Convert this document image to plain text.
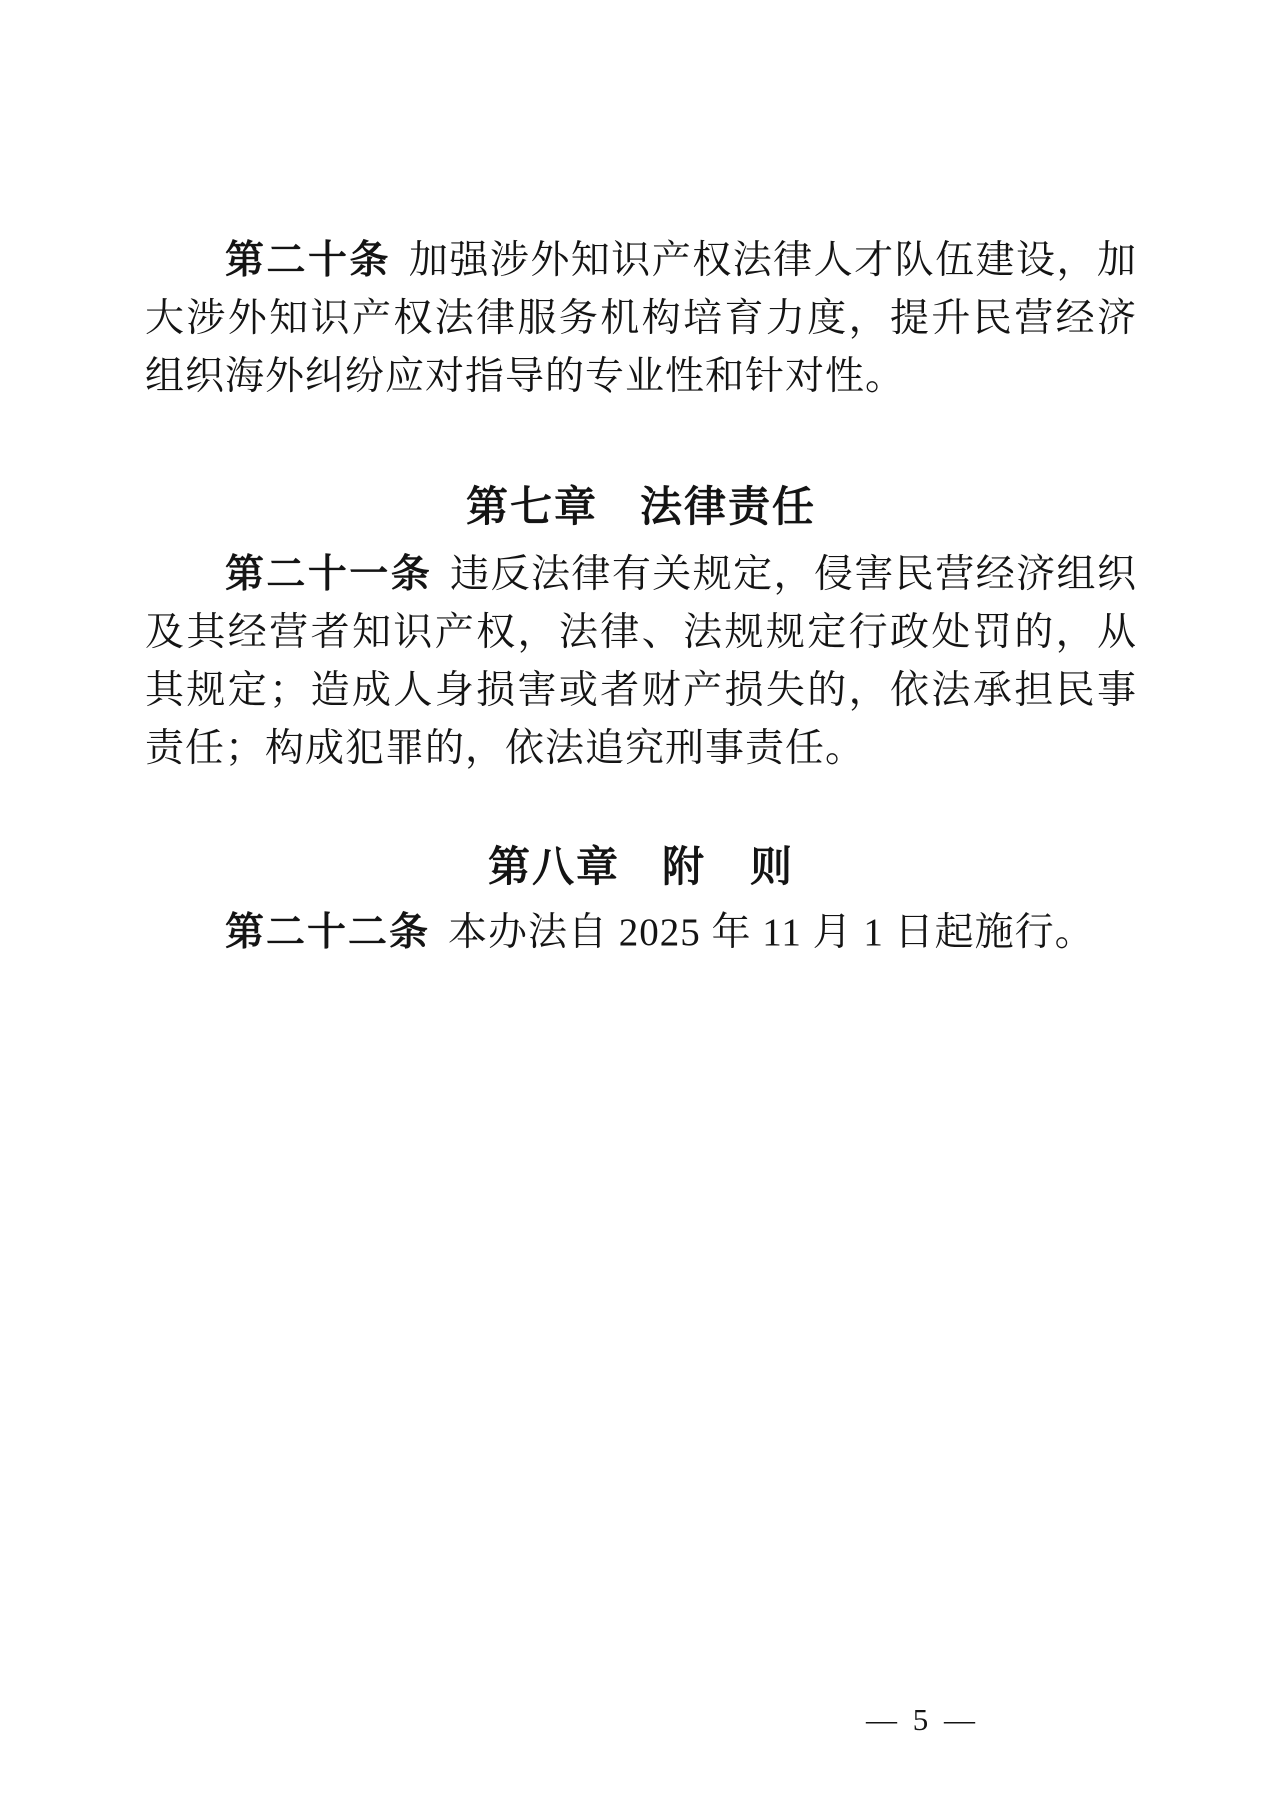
第二十条 加强涉外知识产权法律人才队伍建设，加大涉外知识产权法律服务机构培育力度，提升民营经济组织海外纠纷应对指导的专业性和针对性。
第七章 法律责任
第二十一条 违反法律有关规定，侵害民营经济组织及其经营者知识产权，法律、法规规定行政处罚的，从其规定；造成人身损害或者财产损失的，依法承担民事责任；构成犯罪的，依法追究刑事责任。
第八章 附　则
第二十二条 本办法自 2025 年 11 月 1 日起施行。
— 5 —
